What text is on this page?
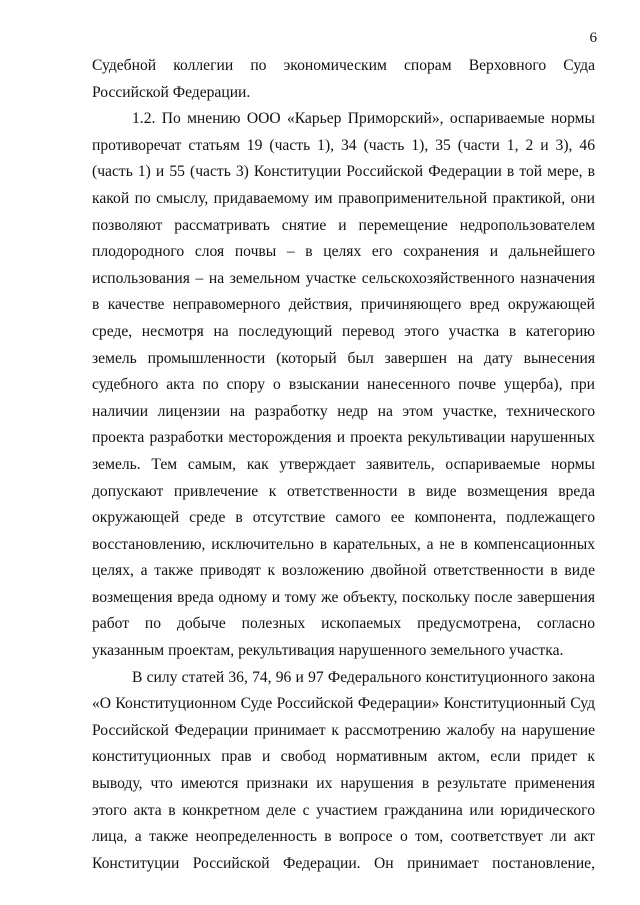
6
Судебной коллегии по экономическим спорам Верховного Суда
Российской Федерации.
1.2. По мнению ООО «Карьер Приморский», оспариваемые нормы
противоречат статьям 19 (часть 1), 34 (часть 1), 35 (части 1, 2 и 3), 46
(часть 1) и 55 (часть 3) Конституции Российской Федерации в той мере, в
какой по смыслу, придаваемому им правоприменительной практикой, они
позволяют рассматривать снятие и перемещение недропользователем
плодородного слоя почвы – в целях его сохранения и дальнейшего
использования – на земельном участке сельскохозяйственного назначения
в качестве неправомерного действия, причиняющего вред окружающей
среде, несмотря на последующий перевод этого участка в категорию
земель промышленности (который был завершен на дату вынесения
судебного акта по спору о взыскании нанесенного почве ущерба), при
наличии лицензии на разработку недр на этом участке, технического
проекта разработки месторождения и проекта рекультивации нарушенных
земель. Тем самым, как утверждает заявитель, оспариваемые нормы
допускают привлечение к ответственности в виде возмещения вреда
окружающей среде в отсутствие самого ее компонента, подлежащего
восстановлению, исключительно в карательных, а не в компенсационных
целях, а также приводят к возложению двойной ответственности в виде
возмещения вреда одному и тому же объекту, поскольку после завершения
работ по добыче полезных ископаемых предусмотрена, согласно
указанным проектам, рекультивация нарушенного земельного участка.
В силу статей 36, 74, 96 и 97 Федерального конституционного закона
«О Конституционном Суде Российской Федерации» Конституционный Суд
Российской Федерации принимает к рассмотрению жалобу на нарушение
конституционных прав и свобод нормативным актом, если придет к
выводу, что имеются признаки их нарушения в результате применения
этого акта в конкретном деле с участием гражданина или юридического
лица, а также неопределенность в вопросе о том, соответствует ли акт
Конституции Российской Федерации. Он принимает постановление,
